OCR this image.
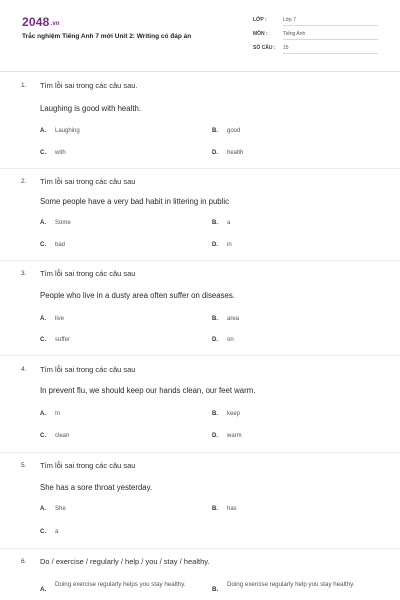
2048.vn
Trắc nghiệm Tiếng Anh 7 mới Unit 2: Writing có đáp án
LỚP :	Lớp 7
MÔN :	Tiếng Anh
SỐ CÂU : 15
1. Tìm lỗi sai trong các câu sau.
Laughing is good with health.
A. Laughing	B. good
C. with	D. health
2. Tìm lỗi sai trong các câu sau
Some people have a very bad habit in littering in public
A. Some	B. a
C. bad	D. in
3. Tìm lỗi sai trong các câu sau
People who live in a dusty area often suffer on diseases.
A. live	B. area
C. suffer	D. on
4. Tìm lỗi sai trong các câu sau
In prevent flu, we should keep our hands clean, our feet warm.
A. In	B. keep
C. clean	D. warm
5. Tìm lỗi sai trong các câu sau
She has a sore throat yesterday.
A. She	B. has
C. a
6. Do / exercise / regularly / help / you / stay / healthy.
A.
Doing exercise regularly helps you stay healthy.
B.
Doing exercise regularly help you stay healthy.
